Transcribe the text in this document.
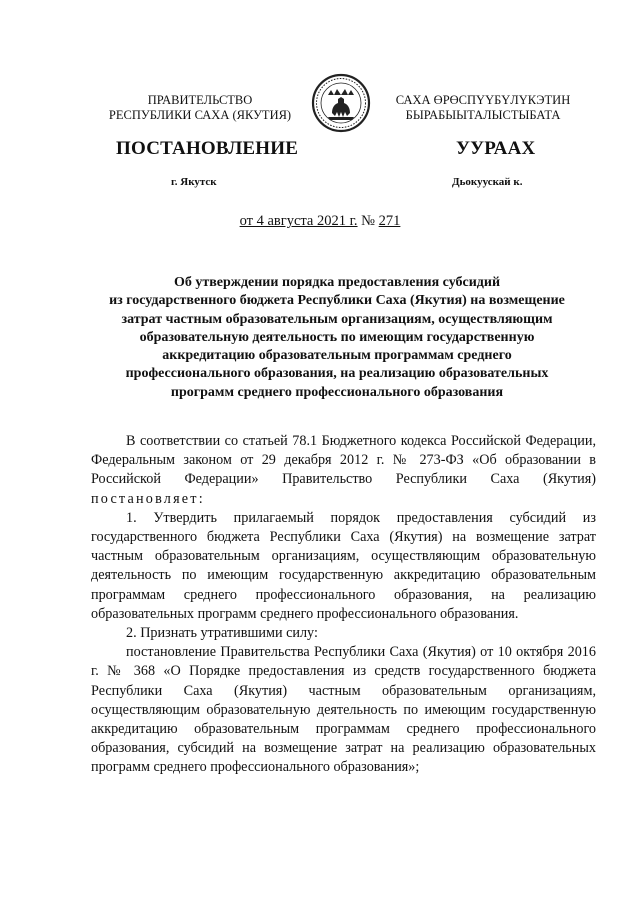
ПРАВИТЕЛЬСТВО
РЕСПУБЛИКИ САХА (ЯКУТИЯ)
САХА ӨРӨСПҮҮБҮЛҮКЭТИН
БЫРАБЫЫТАЛЫСТЫБАТА
ПОСТАНОВЛЕНИЕ	УУРААХ
г. Якутск	Дьокуускай к.
от 4 августа 2021 г. № 271
Об утверждении порядка предоставления субсидий
из государственного бюджета Республики Саха (Якутия) на возмещение
затрат частным образовательным организациям, осуществляющим
образовательную деятельность по имеющим государственную
аккредитацию образовательным программам среднего
профессионального образования, на реализацию образовательных
программ среднего профессионального образования

В соответствии со статьей 78.1 Бюджетного кодекса Российской Федерации, Федеральным законом от 29 декабря 2012 г. № 273-ФЗ «Об образовании в Российской Федерации» Правительство Республики Саха (Якутия) постановляет:

1. Утвердить прилагаемый порядок предоставления субсидий из государственного бюджета Республики Саха (Якутия) на возмещение затрат частным образовательным организациям, осуществляющим образовательную деятельность по имеющим государственную аккредитацию образовательным программам среднего профессионального образования, на реализацию образовательных программ среднего профессионального образования.

2. Признать утратившими силу:

постановление Правительства Республики Саха (Якутия) от 10 октября 2016 г. № 368 «О Порядке предоставления из средств государственного бюджета Республики Саха (Якутия) частным образовательным организациям, осуществляющим образовательную деятельность по имеющим государственную аккредитацию образовательным программам среднего профессионального образования, субсидий на возмещение затрат на реализацию образовательных программ среднего профессионального образования»;
